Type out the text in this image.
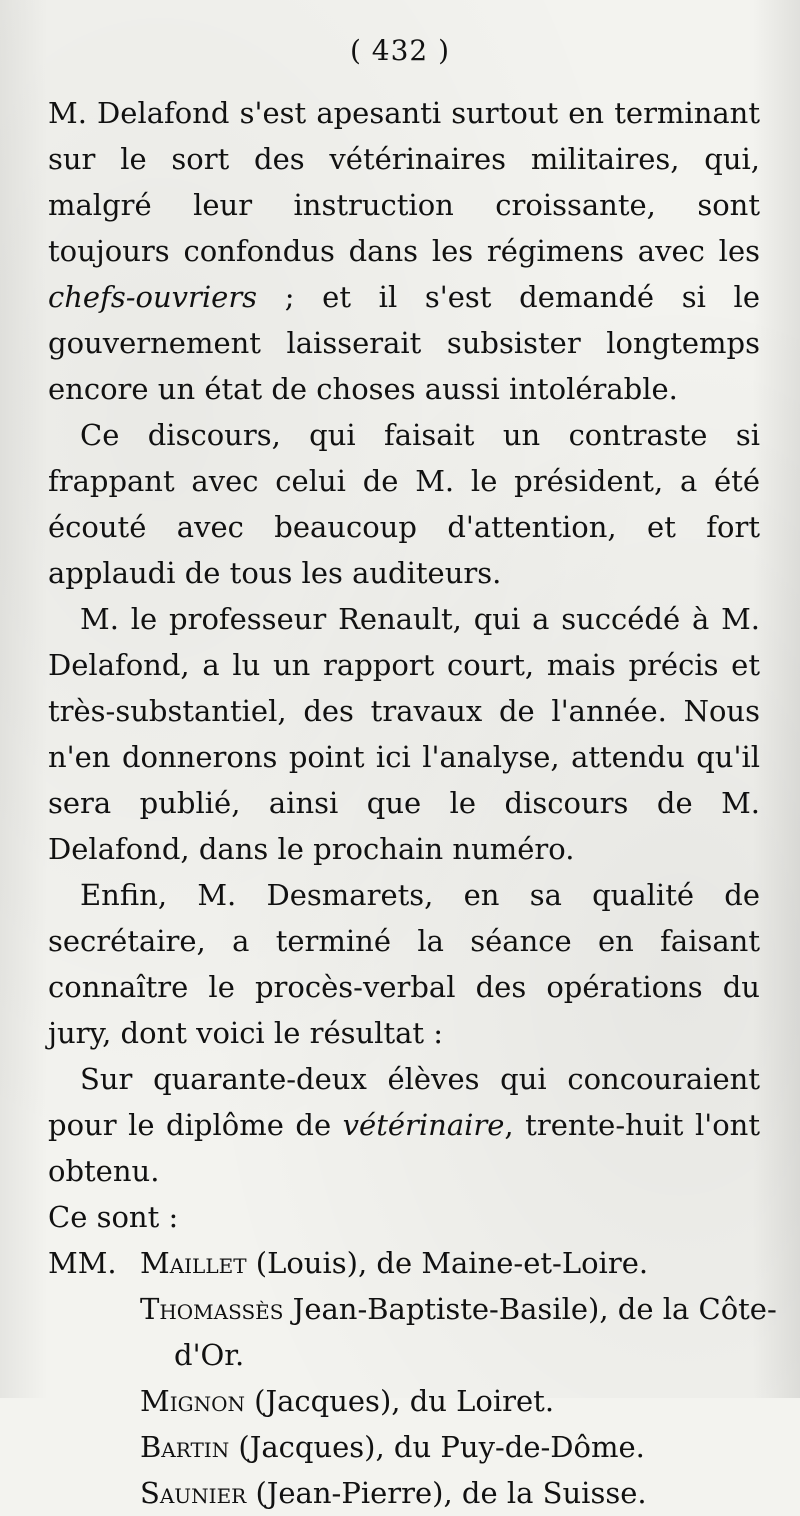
( 432 )

M. Delafond s'est apesanti surtout en terminant sur le sort des vétérinaires militaires, qui, malgré leur instruction croissante, sont toujours confondus dans les régimens avec les chefs-ouvriers ; et il s'est demandé si le gouvernement laisserait subsister longtemps encore un état de choses aussi intolérable.

Ce discours, qui faisait un contraste si frappant avec celui de M. le président, a été écouté avec beaucoup d'attention, et fort applaudi de tous les auditeurs.

M. le professeur Renault, qui a succédé à M. Delafond, a lu un rapport court, mais précis et très-substantiel, des travaux de l'année. Nous n'en donnerons point ici l'analyse, attendu qu'il sera publié, ainsi que le discours de M. Delafond, dans le prochain numéro.

Enfin, M. Desmarets, en sa qualité de secrétaire, a terminé la séance en faisant connaître le procès-verbal des opérations du jury, dont voici le résultat :

Sur quarante-deux élèves qui concouraient pour le diplôme de vétérinaire, trente-huit l'ont obtenu.

Ce sont :

MM. Maillet (Louis), de Maine-et-Loire.
Thomassès Jean-Baptiste-Basile), de la Côte-
d'Or.
Mignon (Jacques), du Loiret.
Bartin (Jacques), du Puy-de-Dôme.
Saunier (Jean-Pierre), de la Suisse.
